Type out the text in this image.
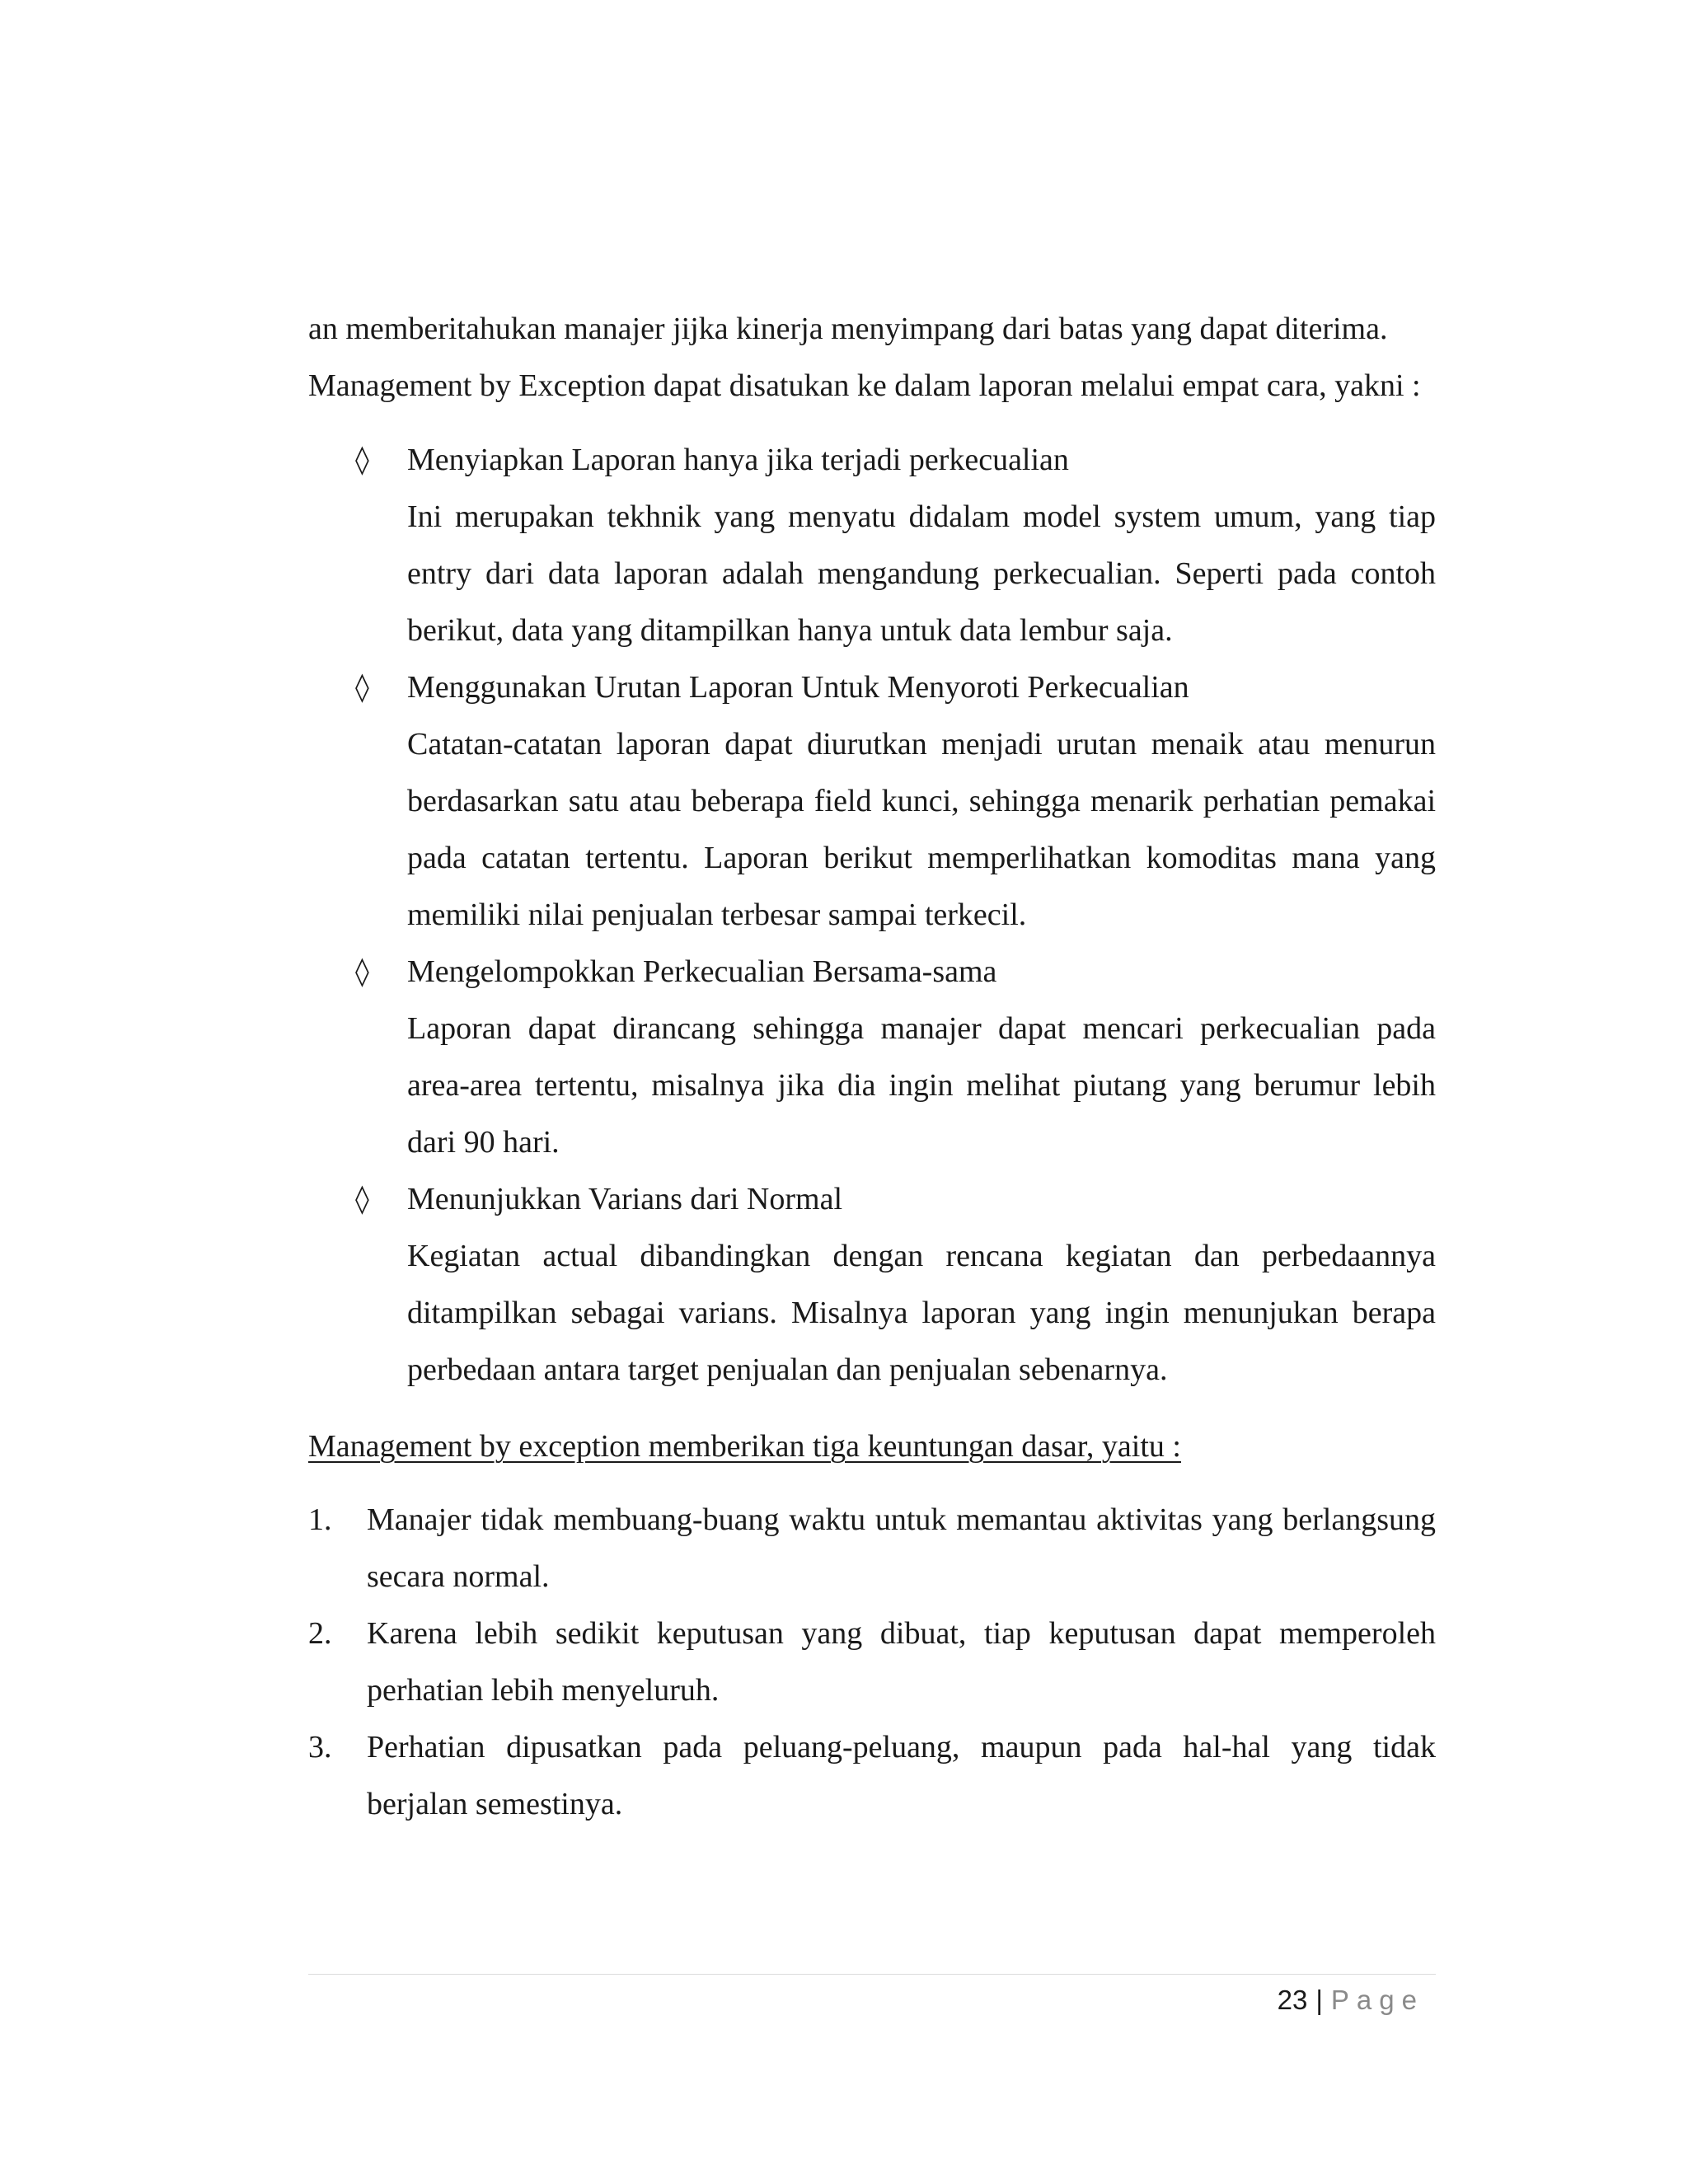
an memberitahukan manajer jijka kinerja menyimpang dari batas yang dapat diterima.

Management by Exception dapat disatukan ke dalam laporan melalui empat cara, yakni :

◊ Menyiapkan Laporan hanya jika terjadi perkecualian

Ini merupakan tekhnik yang menyatu didalam model system umum, yang tiap entry dari data laporan adalah mengandung perkecualian. Seperti pada contoh berikut, data yang ditampilkan hanya untuk data lembur saja.

◊ Menggunakan Urutan Laporan Untuk Menyoroti Perkecualian

Catatan-catatan laporan dapat diurutkan menjadi urutan menaik atau menurun berdasarkan satu atau beberapa field kunci, sehingga menarik perhatian pemakai pada catatan tertentu. Laporan berikut memperlihatkan komoditas mana yang memiliki nilai penjualan terbesar sampai terkecil.

◊ Mengelompokkan Perkecualian Bersama-sama

Laporan dapat dirancang sehingga manajer dapat mencari perkecualian pada area-area tertentu, misalnya jika dia ingin melihat piutang yang berumur lebih dari 90 hari.

◊ Menunjukkan Varians dari Normal

Kegiatan actual dibandingkan dengan rencana kegiatan dan perbedaannya ditampilkan sebagai varians. Misalnya laporan yang ingin menunjukan berapa perbedaan antara target penjualan dan penjualan sebenarnya.

Management by exception memberikan tiga keuntungan dasar, yaitu :

1. Manajer tidak membuang-buang waktu untuk memantau aktivitas yang berlangsung secara normal.

2. Karena lebih sedikit keputusan yang dibuat, tiap keputusan dapat memperoleh perhatian lebih menyeluruh.

3. Perhatian dipusatkan pada peluang-peluang, maupun pada hal-hal yang tidak berjalan semestinya.

23 | Page
